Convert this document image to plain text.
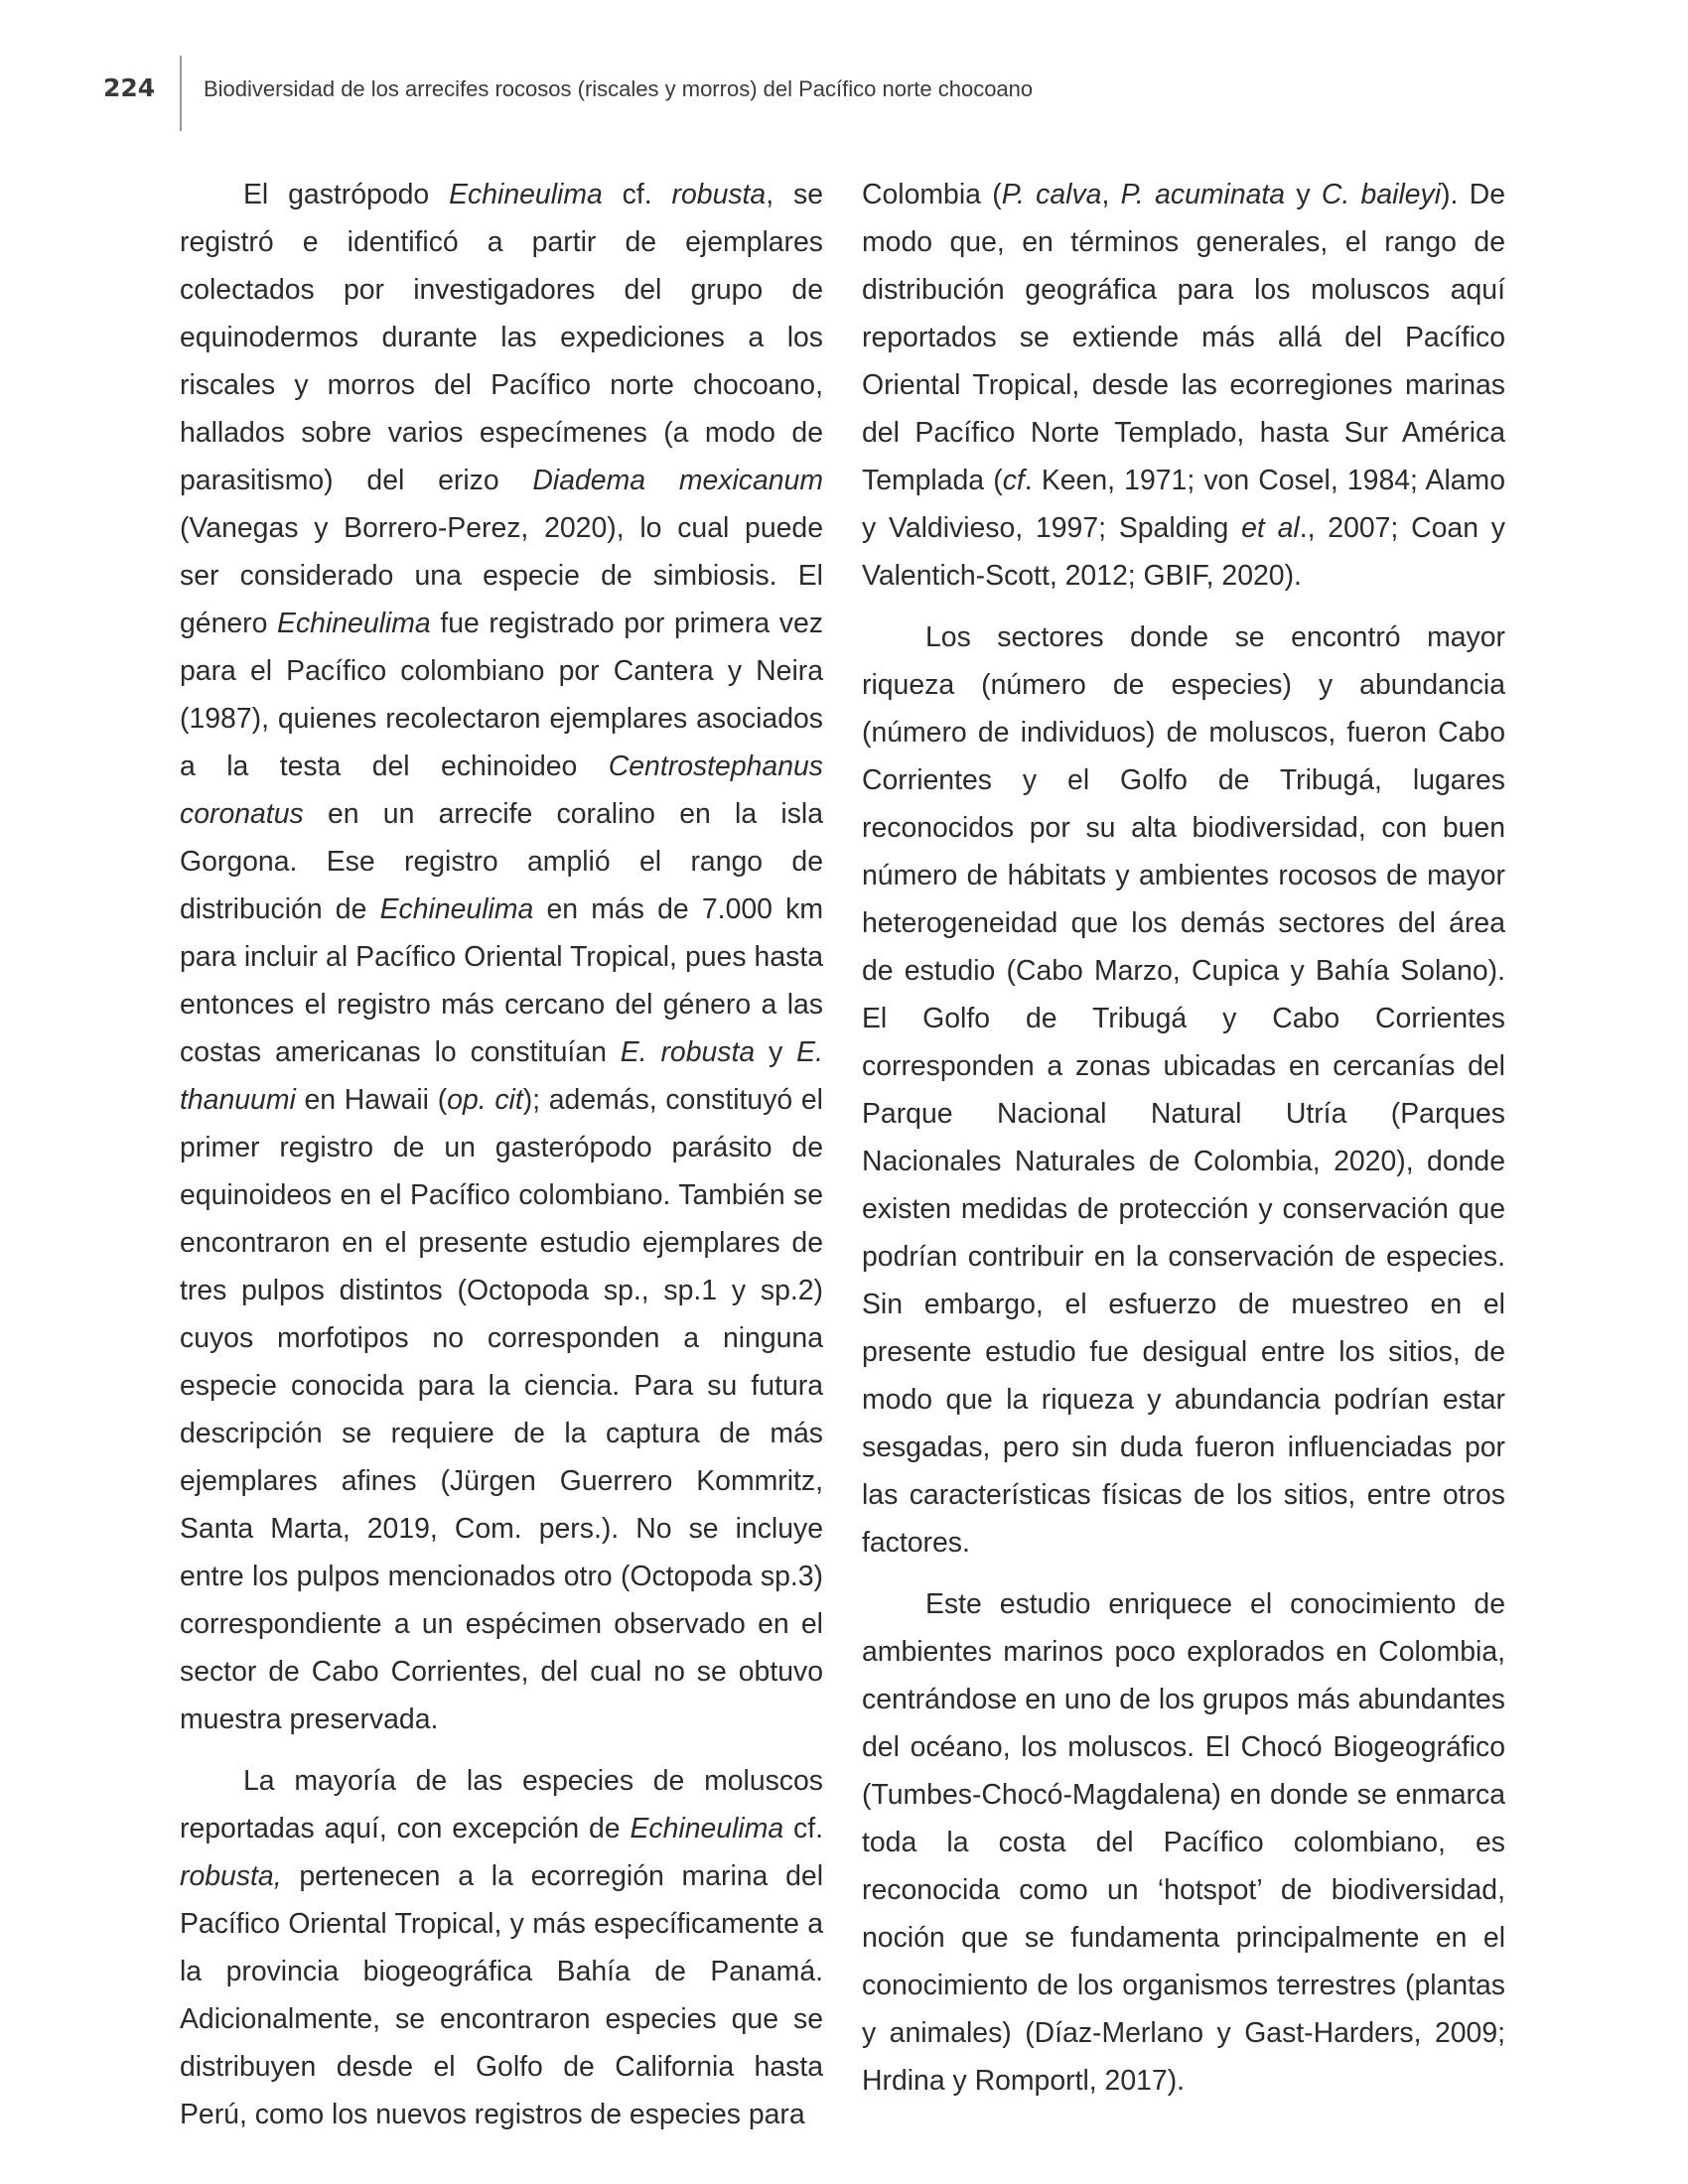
224 Biodiversidad de los arrecifes rocosos (riscales y morros) del Pacífico norte chocoano

El gastrópodo Echineulima cf. robusta, se registró e identificó a partir de ejemplares colectados por investigadores del grupo de equinodermos durante las expediciones a los riscales y morros del Pacífico norte chocoano, hallados sobre varios especímenes (a modo de parasitismo) del erizo Diadema mexicanum (Vanegas y Borrero-Perez, 2020), lo cual puede ser considerado una especie de simbiosis. El género Echineulima fue registrado por primera vez para el Pacífico colombiano por Cantera y Neira (1987), quienes recolectaron ejemplares asociados a la testa del echinoideo Centrostephanus coronatus en un arrecife coralino en la isla Gorgona. Ese registro amplió el rango de distribución de Echineulima en más de 7.000 km para incluir al Pacífico Oriental Tropical, pues hasta entonces el registro más cercano del género a las costas americanas lo constituían E. robusta y E. thanuumi en Hawaii (op. cit); además, constituyó el primer registro de un gasterópodo parásito de equinoideos en el Pacífico colombiano. También se encontraron en el presente estudio ejemplares de tres pulpos distintos (Octopoda sp., sp.1 y sp.2) cuyos morfotipos no corresponden a ninguna especie conocida para la ciencia. Para su futura descripción se requiere de la captura de más ejemplares afines (Jürgen Guerrero Kommritz, Santa Marta, 2019, Com. pers.). No se incluye entre los pulpos mencionados otro (Octopoda sp.3) correspondiente a un espécimen observado en el sector de Cabo Corrientes, del cual no se obtuvo muestra preservada.

La mayoría de las especies de moluscos reportadas aquí, con excepción de Echineulima cf. robusta, pertenecen a la ecorregión marina del Pacífico Oriental Tropical, y más específicamente a la provincia biogeográfica Bahía de Panamá. Adicionalmente, se encontraron especies que se distribuyen desde el Golfo de California hasta Perú, como los nuevos registros de especies para

Colombia (P. calva, P. acuminata y C. baileyi). De modo que, en términos generales, el rango de distribución geográfica para los moluscos aquí reportados se extiende más allá del Pacífico Oriental Tropical, desde las ecorregiones marinas del Pacífico Norte Templado, hasta Sur América Templada (cf. Keen, 1971; von Cosel, 1984; Alamo y Valdivieso, 1997; Spalding et al., 2007; Coan y Valentich-Scott, 2012; GBIF, 2020).

Los sectores donde se encontró mayor riqueza (número de especies) y abundancia (número de individuos) de moluscos, fueron Cabo Corrientes y el Golfo de Tribugá, lugares reconocidos por su alta biodiversidad, con buen número de hábitats y ambientes rocosos de mayor heterogeneidad que los demás sectores del área de estudio (Cabo Marzo, Cupica y Bahía Solano). El Golfo de Tribugá y Cabo Corrientes corresponden a zonas ubicadas en cercanías del Parque Nacional Natural Utría (Parques Nacionales Naturales de Colombia, 2020), donde existen medidas de protección y conservación que podrían contribuir en la conservación de especies. Sin embargo, el esfuerzo de muestreo en el presente estudio fue desigual entre los sitios, de modo que la riqueza y abundancia podrían estar sesgadas, pero sin duda fueron influenciadas por las características físicas de los sitios, entre otros factores.

Este estudio enriquece el conocimiento de ambientes marinos poco explorados en Colombia, centrándose en uno de los grupos más abundantes del océano, los moluscos. El Chocó Biogeográfico (Tumbes-Chocó-Magdalena) en donde se enmarca toda la costa del Pacífico colombiano, es reconocida como un ‘hotspot’ de biodiversidad, noción que se fundamenta principalmente en el conocimiento de los organismos terrestres (plantas y animales) (Díaz-Merlano y Gast-Harders, 2009; Hrdina y Romportl, 2017).
